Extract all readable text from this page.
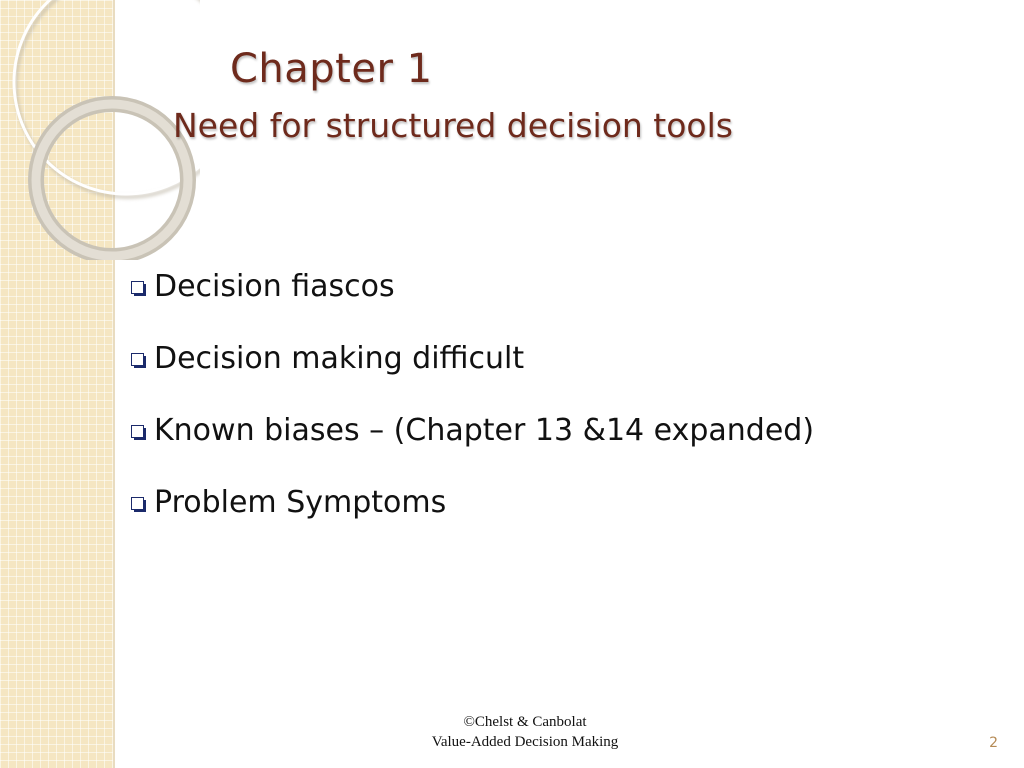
Chapter 1
Need for structured decision tools
Decision fiascos
Decision making difficult
Known biases – (Chapter 13 &14 expanded)
Problem Symptoms
©Chelst & Canbolat
Value-Added Decision Making	2
